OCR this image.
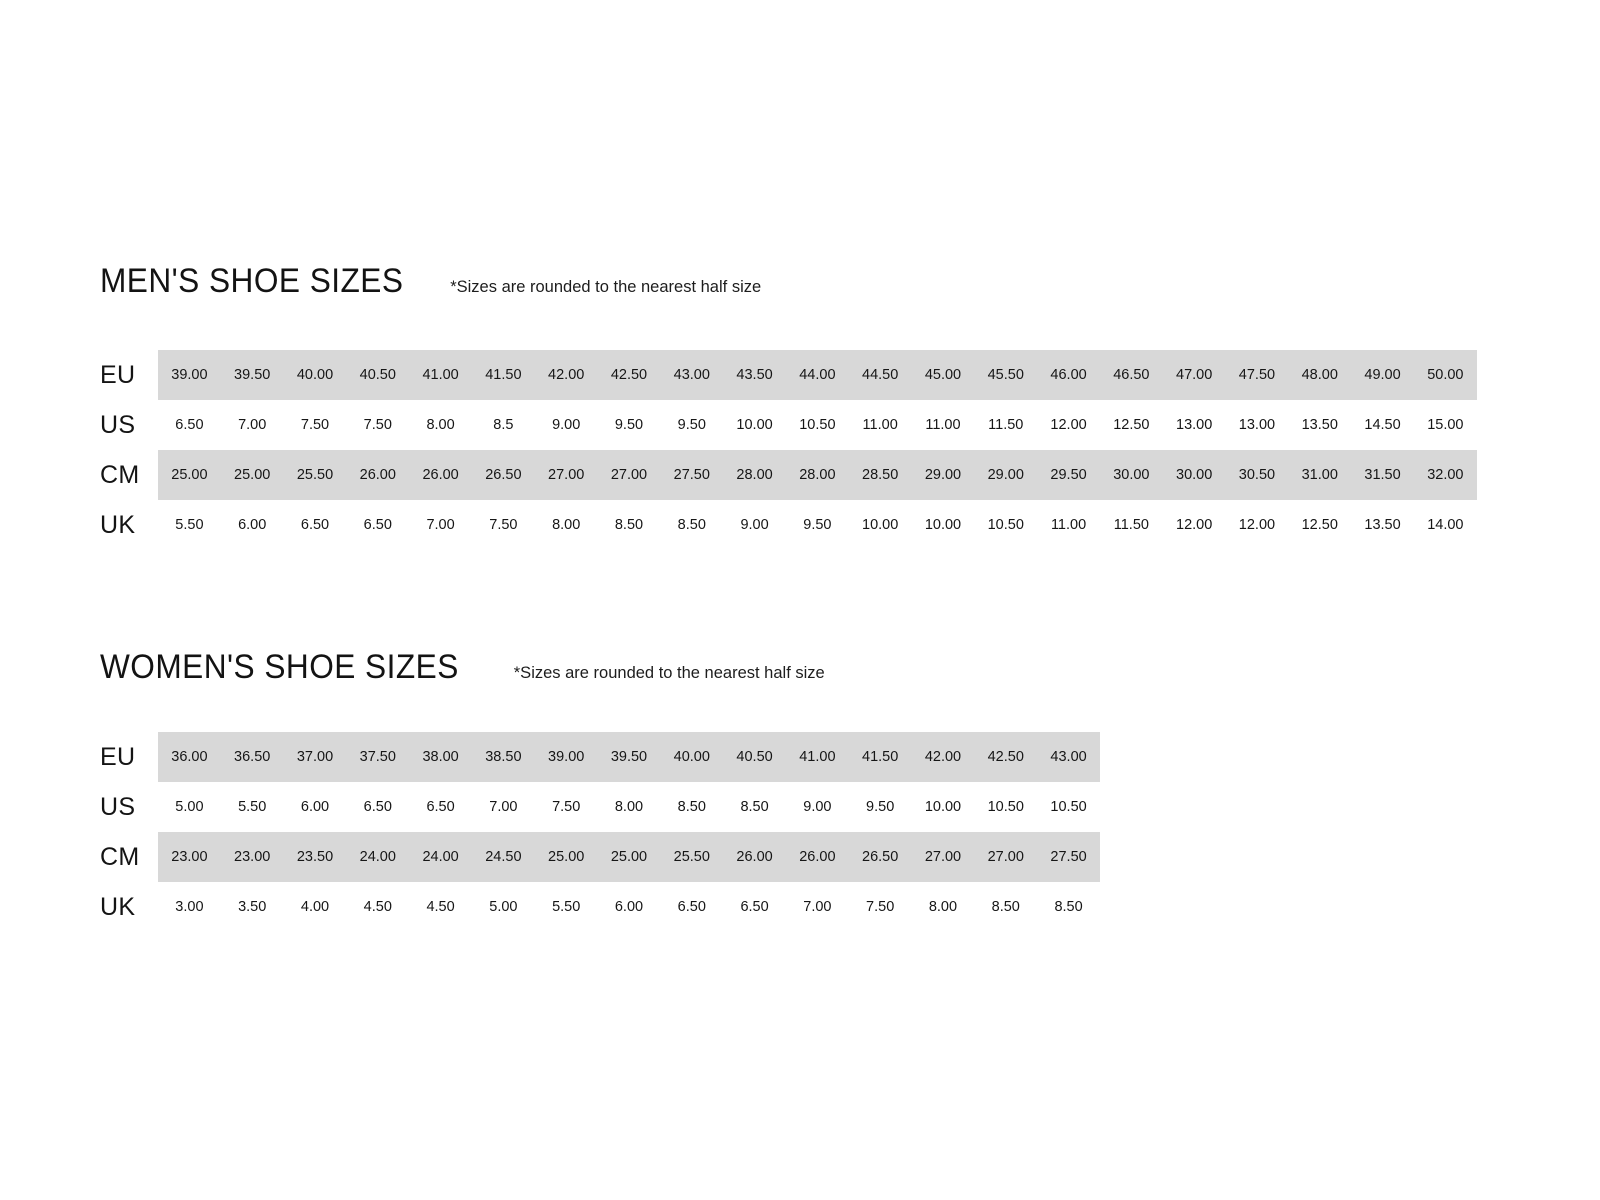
MEN'S SHOE SIZES	*Sizes are rounded to the nearest half size
EU	39.00	39.50	40.00	40.50	41.00	41.50	42.00	42.50	43.00	43.50	44.00	44.50	45.00	45.50	46.00	46.50	47.00	47.50	48.00	49.00	50.00
US	6.50	7.00	7.50	7.50	8.00	8.5	9.00	9.50	9.50	10.00	10.50	11.00	11.00	11.50	12.00	12.50	13.00	13.00	13.50	14.50	15.00
CM	25.00	25.00	25.50	26.00	26.00	26.50	27.00	27.00	27.50	28.00	28.00	28.50	29.00	29.00	29.50	30.00	30.00	30.50	31.00	31.50	32.00
UK	5.50	6.00	6.50	6.50	7.00	7.50	8.00	8.50	8.50	9.00	9.50	10.00	10.00	10.50	11.00	11.50	12.00	12.00	12.50	13.50	14.00
WOMEN'S SHOE SIZES	*Sizes are rounded to the nearest half size
EU	36.00	36.50	37.00	37.50	38.00	38.50	39.00	39.50	40.00	40.50	41.00	41.50	42.00	42.50	43.00
US	5.00	5.50	6.00	6.50	6.50	7.00	7.50	8.00	8.50	8.50	9.00	9.50	10.00	10.50	10.50
CM	23.00	23.00	23.50	24.00	24.00	24.50	25.00	25.00	25.50	26.00	26.00	26.50	27.00	27.00	27.50
UK	3.00	3.50	4.00	4.50	4.50	5.00	5.50	6.00	6.50	6.50	7.00	7.50	8.00	8.50	8.50
